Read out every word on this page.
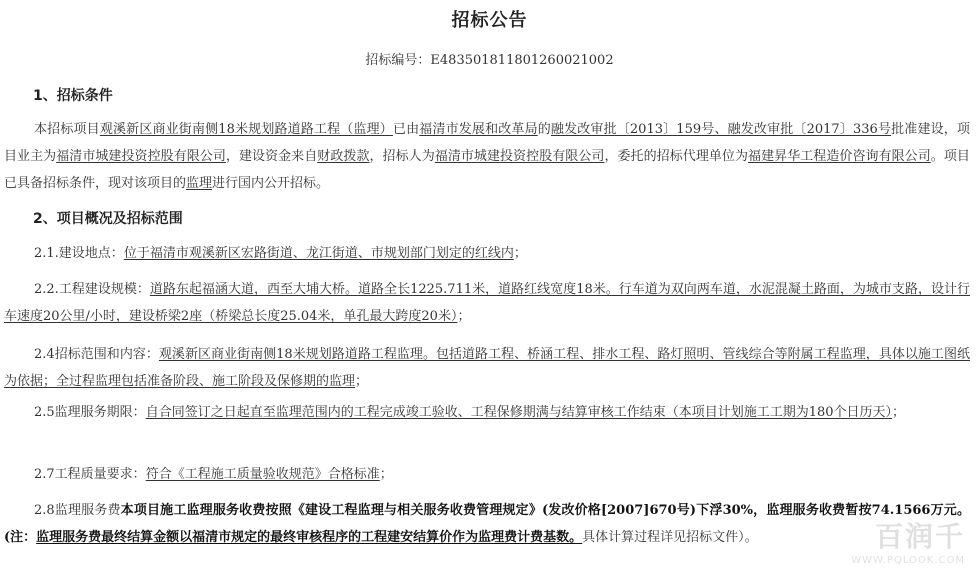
招标公告
招标编号：E4835018118012600210​02
1、招标条件
本招标项目观溪新区商业街南侧18米规划路道路工程（监理）已由福清市发展和改革局的融发改审批〔2013〕159号、融发改审批〔2017〕336号批准建设，项目业主为福清市城建投资控股有限公司，建设资金来自财政拨款，招标人为福清市城建投资控股有限公司，委托的招标代理单位为福建昇华工程造价咨询有限公司。项目已具备招标条件，现对该项目的监理进行国内公开招标。
2、项目概况及招标范围
2.1.建设地点：位于福清市观溪新区宏路街道、龙江街道、市规划部门划定的红线内；
2.2.工程建设规模：道路东起福涵大道，西至大埔大桥。道路全长1225.711米，道路红线宽度18米。行车道为双向两车道，水泥混凝土路面，为城市支路，设计行车速度20公里/小时，建设桥梁2座（桥梁总长度25.04米，单孔最大跨度20米）；
2.4招标范围和内容：观溪新区商业街南侧18米规划路道路工程监理。包括道路工程、桥涵工程、排水工程、路灯照明、管线综合等附属工程监理，具体以施工图纸为依据；全过程监理包括准备阶段、施工阶段及保修期的监理；
2.5监理服务期限：自合同签订之日起直至监理范围内的工程完成竣工验收、工程保修期满与结算审核工作结束（本项目计划施工工期为180个日历天）；
2.7工程质量要求：符合《工程施工质量验收规范》合格标准；
2.8监理服务费本项目施工监理服务收费按照《建设工程监理与相关服务收费管理规定》(发改价格[2007]670号)下浮30%，监理服务收费暂按74.1566万元。(注：监理服务费最终结算金额以福清市规定的最终审核程序的工程建安结算价作为监理费计费基数。具体计算过程详见招标文件）。	百润千
WWW.PQLOOK.COM
